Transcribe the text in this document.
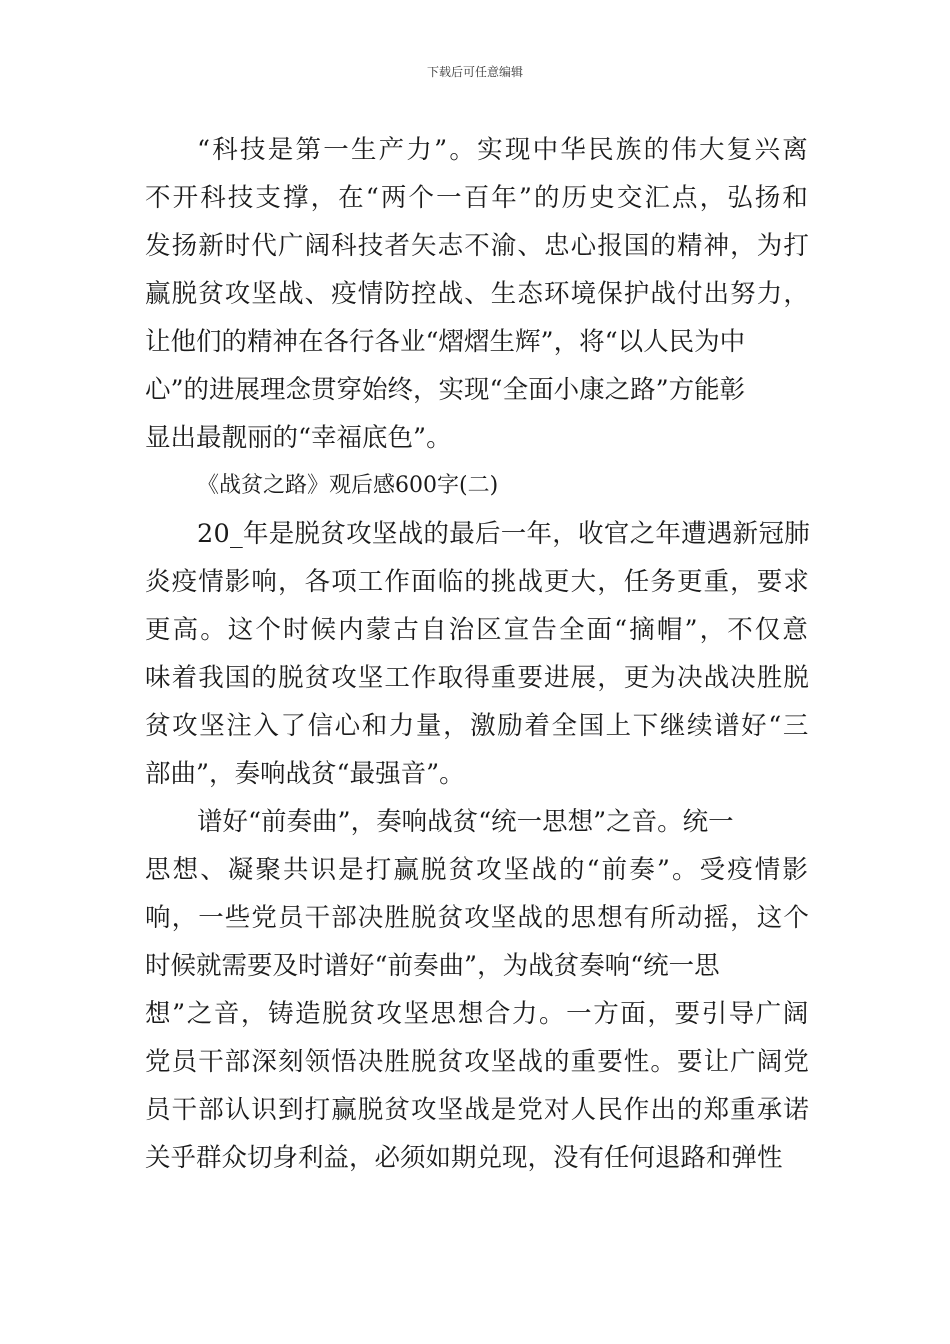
下载后可任意编辑
“科技是第一生产力”。实现中华民族的伟大复兴离
不开科技支撑，在“两个一百年”的历史交汇点，弘扬和
发扬新时代广阔科技者矢志不渝、忠心报国的精神，为打
赢脱贫攻坚战、疫情防控战、生态环境保护战付出努力，
让他们的精神在各行各业“熠熠生辉”，将“以人民为中
心”的进展理念贯穿始终，实现“全面小康之路”方能彰
显出最靓丽的“幸福底色”。
《战贫之路》观后感600字(二)
20_年是脱贫攻坚战的最后一年，收官之年遭遇新冠肺
炎疫情影响，各项工作面临的挑战更大，任务更重，要求
更高。这个时候内蒙古自治区宣告全面“摘帽”，不仅意
味着我国的脱贫攻坚工作取得重要进展，更为决战决胜脱
贫攻坚注入了信心和力量，激励着全国上下继续谱好“三
部曲”，奏响战贫“最强音”。
谱好“前奏曲”，奏响战贫“统一思想”之音。统一
思想、凝聚共识是打赢脱贫攻坚战的“前奏”。受疫情影
响，一些党员干部决胜脱贫攻坚战的思想有所动摇，这个
时候就需要及时谱好“前奏曲”，为战贫奏响“统一思
想”之音，铸造脱贫攻坚思想合力。一方面，要引导广阔
党员干部深刻领悟决胜脱贫攻坚战的重要性。要让广阔党
员干部认识到打赢脱贫攻坚战是党对人民作出的郑重承诺
关乎群众切身利益，必须如期兑现，没有任何退路和弹性
